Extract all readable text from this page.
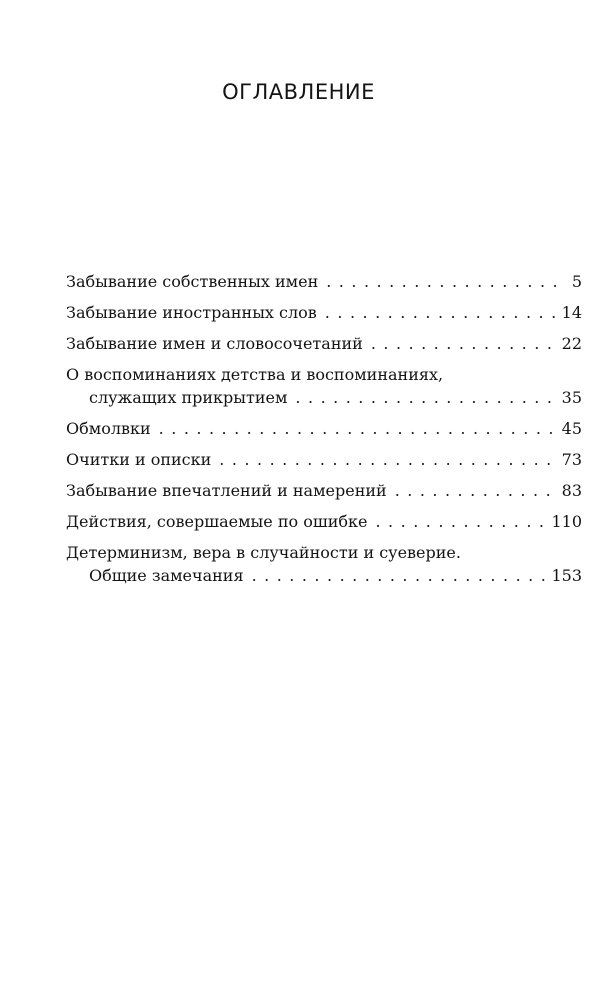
ОГЛАВЛЕНИЕ
Забывание собственных имен . . .	5
Забывание иностранных слов . . .	14
Забывание имен и словосочетаний . . .	22
О воспоминаниях детства и воспоминаниях,
служащих прикрытием . . .	35
Обмолвки . . .	45
Очитки и описки . . .	73
Забывание впечатлений и намерений . . .	83
Действия, совершаемые по ошибке . . .	110
Детерминизм, вера в случайности и суеверие.
Общие замечания . . .	153
